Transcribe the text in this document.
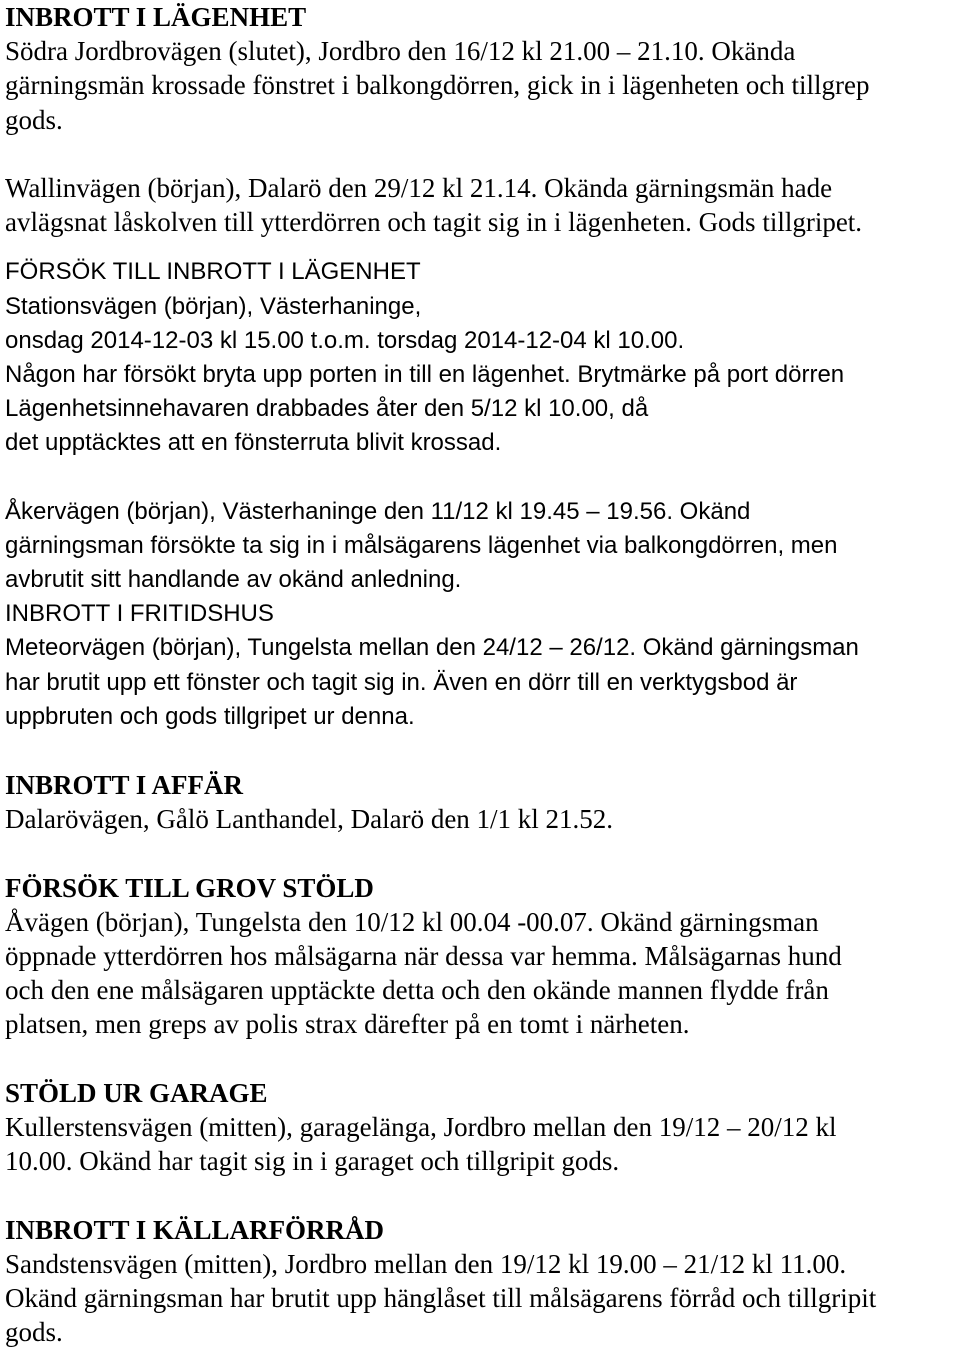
INBROTT I LÄGENHET
Södra Jordbrovägen (slutet), Jordbro den 16/12 kl 21.00 – 21.10. Okända
gärningsmän krossade fönstret i balkongdörren, gick in i lägenheten och tillgrep
gods.
Wallinvägen (början), Dalarö den 29/12 kl 21.14. Okända gärningsmän hade
avlägsnat låskolven till ytterdörren och tagit sig in i lägenheten. Gods tillgripet.
FÖRSÖK TILL INBROTT I LÄGENHET
Stationsvägen (början), Västerhaninge,
onsdag 2014-12-03 kl 15.00 t.o.m. torsdag 2014-12-04 kl 10.00.
Någon har försökt bryta upp porten in till en lägenhet. Brytmärke på port dörren
Lägenhetsinnehavaren drabbades åter den 5/12 kl 10.00, då
det upptäcktes att en fönsterruta blivit krossad.
Åkervägen (början), Västerhaninge den 11/12 kl 19.45 – 19.56. Okänd
gärningsman försökte ta sig in i målsägarens lägenhet via balkongdörren, men
avbrutit sitt handlande av okänd anledning.
INBROTT I FRITIDSHUS
Meteorvägen (början), Tungelsta mellan den 24/12 – 26/12. Okänd gärningsman
har brutit upp ett fönster och tagit sig in. Även en dörr till en verktygsbod är
uppbruten och gods tillgripet ur denna.
INBROTT I AFFÄR
Dalarövägen, Gålö Lanthandel, Dalarö den 1/1 kl 21.52.
FÖRSÖK TILL GROV STÖLD
Åvägen (början), Tungelsta den 10/12 kl 00.04 -00.07. Okänd gärningsman
öppnade ytterdörren hos målsägarna när dessa var hemma. Målsägarnas hund
och den ene målsägaren upptäckte detta och den okände mannen flydde från
platsen, men greps av polis strax därefter på en tomt i närheten.
STÖLD UR GARAGE
Kullerstensvägen (mitten), garagelänga, Jordbro mellan den 19/12 – 20/12 kl
10.00. Okänd har tagit sig in i garaget och tillgripit gods.
INBROTT I KÄLLARFÖRRÅD
Sandstensvägen (mitten), Jordbro mellan den 19/12 kl 19.00 – 21/12 kl 11.00.
Okänd gärningsman har brutit upp hänglåset till målsägarens förråd och tillgripit
gods.
